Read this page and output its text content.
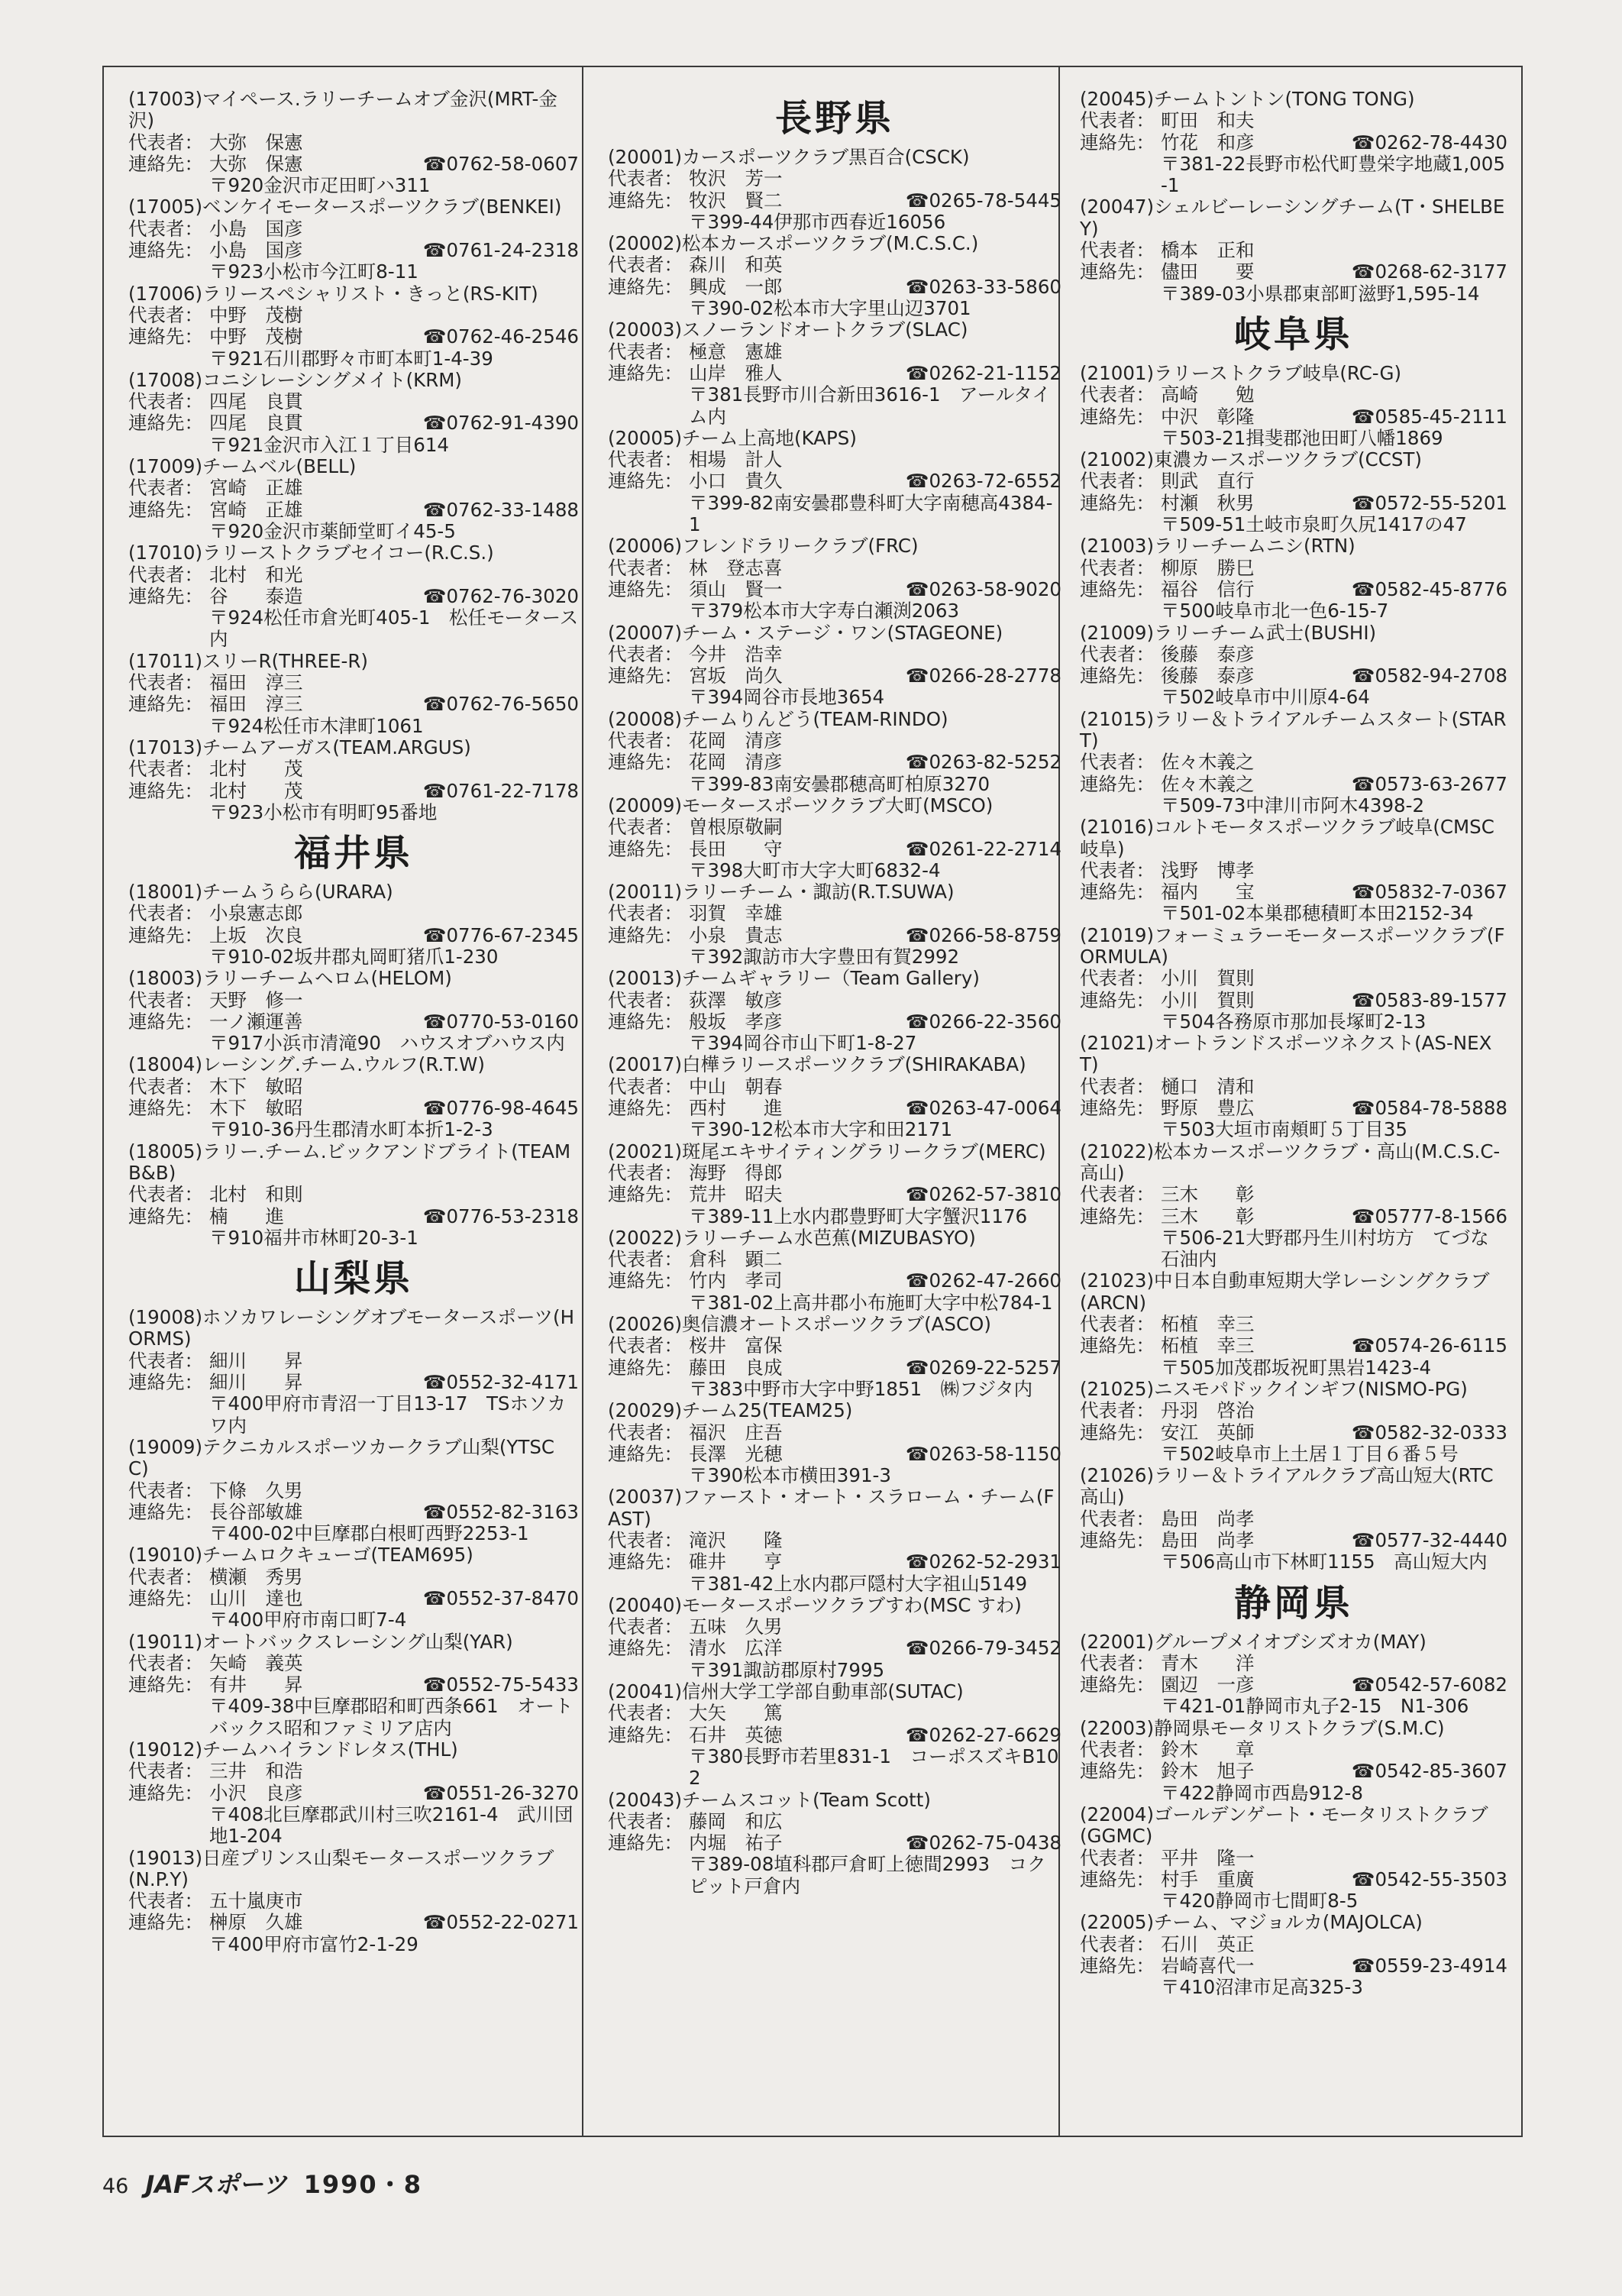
(17003)マイペース.ラリーチームオブ金沢(MRT-金沢)
代表者： 大弥　保憲
連絡先： 大弥　保憲	☎0762-58-0607
〒920金沢市疋田町ハ311
(17005)ベンケイモータースポーツクラブ(BENKEI)
代表者： 小島　国彦
連絡先： 小島　国彦	☎0761-24-2318
〒923小松市今江町8-11
(17006)ラリースペシャリスト・きっと(RS-KIT)
代表者： 中野　茂樹
連絡先： 中野　茂樹	☎0762-46-2546
〒921石川郡野々市町本町1-4-39
(17008)コニシレーシングメイト(KRM)
代表者： 四尾　良貫
連絡先： 四尾　良貫	☎0762-91-4390
〒921金沢市入江１丁目614
(17009)チームベル(BELL)
代表者： 宮崎　正雄
連絡先： 宮崎　正雄	☎0762-33-1488
〒920金沢市薬師堂町イ45-5
(17010)ラリーストクラブセイコー(R.C.S.)
代表者： 北村　和光
連絡先： 谷　　泰造	☎0762-76-3020
〒924松任市倉光町405-1　松任モータース内
(17011)スリーR(THREE-R)
代表者： 福田　淳三
連絡先： 福田　淳三	☎0762-76-5650
〒924松任市木津町1061
(17013)チームアーガス(TEAM.ARGUS)
代表者： 北村　　茂
連絡先： 北村　　茂	☎0761-22-7178
〒923小松市有明町95番地
福井県
(18001)チームうらら(URARA)
代表者： 小泉憲志郎
連絡先： 上坂　次良	☎0776-67-2345
〒910-02坂井郡丸岡町猪爪1-230
(18003)ラリーチームヘロム(HELOM)
代表者： 天野　修一
連絡先： 一ノ瀬運善	☎0770-53-0160
〒917小浜市清滝90　ハウスオブハウス内
(18004)レーシング.チーム.ウルフ(R.T.W)
代表者： 木下　敏昭
連絡先： 木下　敏昭	☎0776-98-4645
〒910-36丹生郡清水町本折1-2-3
(18005)ラリー.チーム.ビックアンドブライト(TEAM B&B)
代表者： 北村　和則
連絡先： 楠　　進	☎0776-53-2318
〒910福井市林町20-3-1
山梨県
(19008)ホソカワレーシングオブモータースポーツ(HORMS)
代表者： 細川　　昇
連絡先： 細川　　昇	☎0552-32-4171
〒400甲府市青沼一丁目13-17　TSホソカワ内
(19009)テクニカルスポーツカークラブ山梨(YTSC C)
代表者： 下條　久男
連絡先： 長谷部敏雄	☎0552-82-3163
〒400-02中巨摩郡白根町西野2253-1
(19010)チームロクキューゴ(TEAM695)
代表者： 横瀬　秀男
連絡先： 山川　達也	☎0552-37-8470
〒400甲府市南口町7-4
(19011)オートバックスレーシング山梨(YAR)
代表者： 矢崎　義英
連絡先： 有井　　昇	☎0552-75-5433
〒409-38中巨摩郡昭和町西条661　オートバックス昭和ファミリア店内
(19012)チームハイランドレタス(THL)
代表者： 三井　和浩
連絡先： 小沢　良彦	☎0551-26-3270
〒408北巨摩郡武川村三吹2161-4　武川団地1-204
(19013)日産プリンス山梨モータースポーツクラブ(N.P.Y)
代表者： 五十嵐庚市
連絡先： 榊原　久雄	☎0552-22-0271
〒400甲府市富竹2-1-29
長野県
(20001)カースポーツクラブ黒百合(CSCK)
代表者： 牧沢　芳一
連絡先： 牧沢　賢二	☎0265-78-5445
〒399-44伊那市西春近16056
(20002)松本カースポーツクラブ(M.C.S.C.)
代表者： 森川　和英
連絡先： 興成　一郎	☎0263-33-5860
〒390-02松本市大字里山辺3701
(20003)スノーランドオートクラブ(SLAC)
代表者： 極意　憲雄
連絡先： 山岸　雅人	☎0262-21-1152
〒381長野市川合新田3616-1　アールタイム内
(20005)チーム上高地(KAPS)
代表者： 相場　計人
連絡先： 小口　貴久	☎0263-72-6552
〒399-82南安曇郡豊科町大字南穂高4384-1
(20006)フレンドラリークラブ(FRC)
代表者： 林　登志喜
連絡先： 須山　賢一	☎0263-58-9020
〒379松本市大字寿白瀬渕2063
(20007)チーム・ステージ・ワン(STAGEONE)
代表者： 今井　浩幸
連絡先： 宮坂　尚久	☎0266-28-2778
〒394岡谷市長地3654
(20008)チームりんどう(TEAM-RINDO)
代表者： 花岡　清彦
連絡先： 花岡　清彦	☎0263-82-5252
〒399-83南安曇郡穂高町柏原3270
(20009)モータースポーツクラブ大町(MSCO)
代表者： 曽根原敬嗣
連絡先： 長田　　守	☎0261-22-2714
〒398大町市大字大町6832-4
(20011)ラリーチーム・諏訪(R.T.SUWA)
代表者： 羽賀　幸雄
連絡先： 小泉　貴志	☎0266-58-8759
〒392諏訪市大字豊田有賀2992
(20013)チームギャラリー（Team Gallery)
代表者： 荻澤　敏彦
連絡先： 般坂　孝彦	☎0266-22-3560
〒394岡谷市山下町1-8-27
(20017)白樺ラリースポーツクラブ(SHIRAKABA)
代表者： 中山　朝春
連絡先： 西村　　進	☎0263-47-0064
〒390-12松本市大字和田2171
(20021)斑尾エキサイティングラリークラブ(MERC)
代表者： 海野　得郎
連絡先： 荒井　昭夫	☎0262-57-3810
〒389-11上水内郡豊野町大字蟹沢1176
(20022)ラリーチーム水芭蕉(MIZUBASYO)
代表者： 倉科　顕二
連絡先： 竹内　孝司	☎0262-47-2660
〒381-02上高井郡小布施町大字中松784-1
(20026)奥信濃オートスポーツクラブ(ASCO)
代表者： 桜井　富保
連絡先： 藤田　良成	☎0269-22-5257
〒383中野市大字中野1851　㈱フジタ内
(20029)チーム25(TEAM25)
代表者： 福沢　庄吾
連絡先： 長澤　光穂	☎0263-58-1150
〒390松本市横田391-3
(20037)ファースト・オート・スラローム・チーム(FAST)
代表者： 滝沢　　隆
連絡先： 碓井　　亨	☎0262-52-2931
〒381-42上水内郡戸隠村大字祖山5149
(20040)モータースポーツクラブすわ(MSC すわ)
代表者： 五味　久男
連絡先： 清水　広洋	☎0266-79-3452
〒391諏訪郡原村7995
(20041)信州大学工学部自動車部(SUTAC)
代表者： 大矢　　篤
連絡先： 石井　英徳	☎0262-27-6629
〒380長野市若里831-1　コーポスズキB102
(20043)チームスコット(Team Scott)
代表者： 藤岡　和広
連絡先： 内堀　祐子	☎0262-75-0438
〒389-08埴科郡戸倉町上徳間2993　コクピット戸倉内
(20045)チームトントン(TONG TONG)
代表者： 町田　和夫
連絡先： 竹花　和彦	☎0262-78-4430
〒381-22長野市松代町豊栄字地蔵1,005-1
(20047)シェルビーレーシングチーム(T・SHELBEY)
代表者： 橋本　正和
連絡先： 儘田　　要	☎0268-62-3177
〒389-03小県郡東部町滋野1,595-14
岐阜県
(21001)ラリーストクラブ岐阜(RC-G)
代表者： 高崎　　勉
連絡先： 中沢　彰隆	☎0585-45-2111
〒503-21揖斐郡池田町八幡1869
(21002)東濃カースポーツクラブ(CCST)
代表者： 則武　直行
連絡先： 村瀬　秋男	☎0572-55-5201
〒509-51土岐市泉町久尻1417の47
(21003)ラリーチームニシ(RTN)
代表者： 柳原　勝巳
連絡先： 福谷　信行	☎0582-45-8776
〒500岐阜市北一色6-15-7
(21009)ラリーチーム武士(BUSHI)
代表者： 後藤　泰彦
連絡先： 後藤　泰彦	☎0582-94-2708
〒502岐阜市中川原4-64
(21015)ラリー＆トライアルチームスタート(START)
代表者： 佐々木義之
連絡先： 佐々木義之	☎0573-63-2677
〒509-73中津川市阿木4398-2
(21016)コルトモータスポーツクラブ岐阜(CMSC岐阜)
代表者： 浅野　博孝
連絡先： 福内　　宝	☎05832-7-0367
〒501-02本巣郡穂積町本田2152-34
(21019)フォーミュラーモータースポーツクラブ(FORMULA)
代表者： 小川　賀則
連絡先： 小川　賀則	☎0583-89-1577
〒504各務原市那加長塚町2-13
(21021)オートランドスポーツネクスト(AS-NEXT)
代表者： 樋口　清和
連絡先： 野原　豊広	☎0584-78-5888
〒503大垣市南頬町５丁目35
(21022)松本カースポーツクラブ・高山(M.C.S.C-高山)
代表者： 三木　　彰
連絡先： 三木　　彰	☎05777-8-1566
〒506-21大野郡丹生川村坊方　てづな石油内
(21023)中日本自動車短期大学レーシングクラブ(ARCN)
代表者： 柘植　幸三
連絡先： 柘植　幸三	☎0574-26-6115
〒505加茂郡坂祝町黒岩1423-4
(21025)ニスモパドックインギフ(NISMO-PG)
代表者： 丹羽　啓治
連絡先： 安江　英師	☎0582-32-0333
〒502岐阜市上土居１丁目６番５号
(21026)ラリー＆トライアルクラブ高山短大(RTC 高山)
代表者： 島田　尚孝
連絡先： 島田　尚孝	☎0577-32-4440
〒506高山市下林町1155　高山短大内
静岡県
(22001)グループメイオブシズオカ(MAY)
代表者： 青木　　洋
連絡先： 園辺　一彦	☎0542-57-6082
〒421-01静岡市丸子2-15　N1-306
(22003)静岡県モータリストクラブ(S.M.C)
代表者： 鈴木　　章
連絡先： 鈴木　旭子	☎0542-85-3607
〒422静岡市西島912-8
(22004)ゴールデンゲート・モータリストクラブ(GGMC)
代表者： 平井　隆一
連絡先： 村手　重廣	☎0542-55-3503
〒420静岡市七間町8-5
(22005)チーム、マジョルカ(MAJOLCA)
代表者： 石川　英正
連絡先： 岩崎喜代一	☎0559-23-4914
〒410沼津市足高325-3
46 JAFスポーツ 1990・8
